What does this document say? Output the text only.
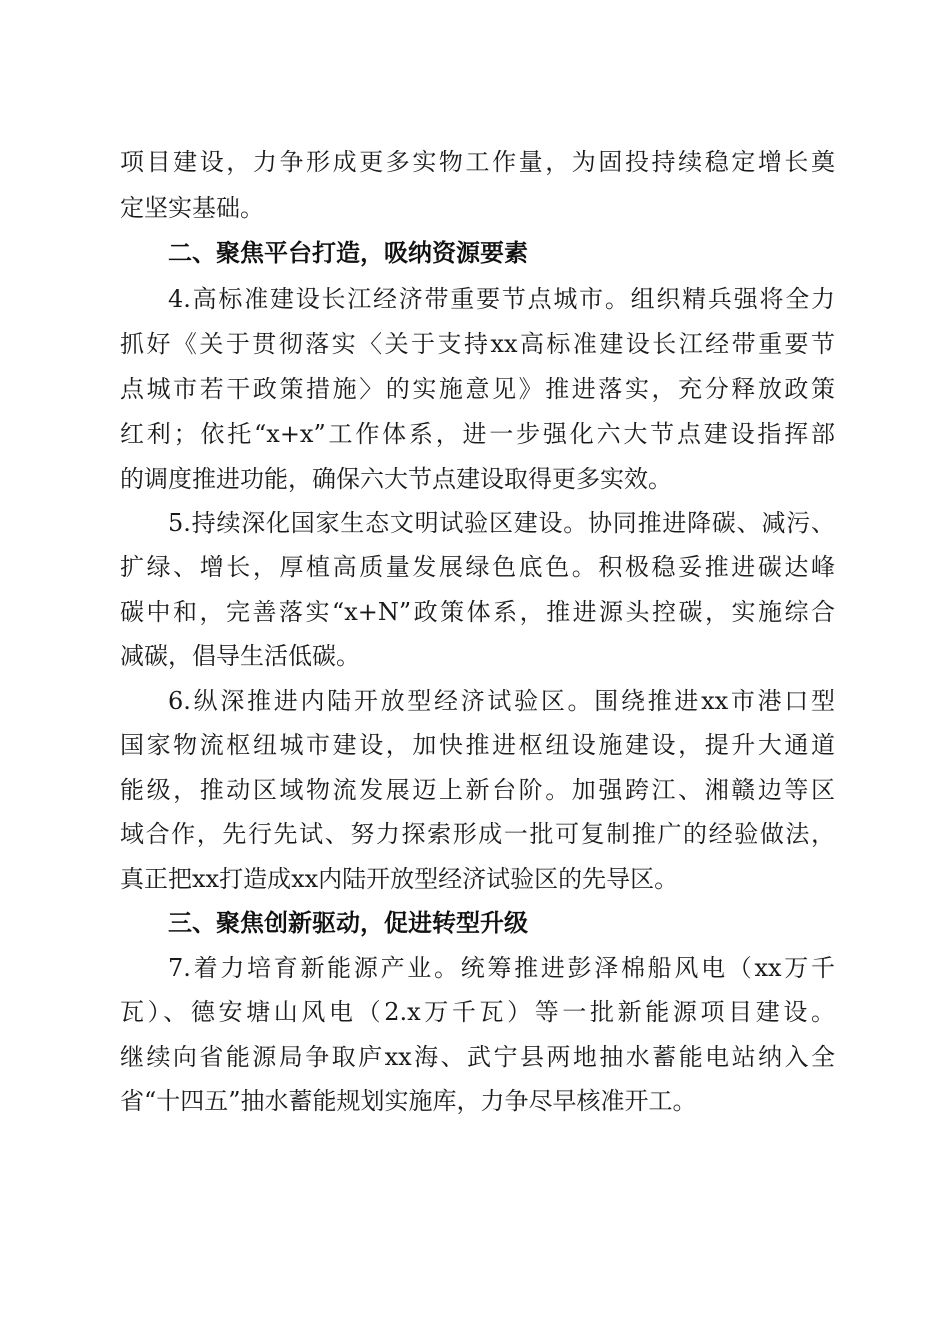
项目建设，力争形成更多实物工作量，为固投持续稳定增长奠

定坚实基础。

二、聚焦平台打造，吸纳资源要素

4.高标准建设长江经济带重要节点城市。组织精兵强将全力

抓好《关于贯彻落实〈关于支持xx高标准建设长江经带重要节

点城市若干政策措施〉的实施意见》推进落实，充分释放政策

红利；依托“x+x”工作体系，进一步强化六大节点建设指挥部

的调度推进功能，确保六大节点建设取得更多实效。

5.持续深化国家生态文明试验区建设。协同推进降碳、减污、

扩绿、增长，厚植高质量发展绿色底色。积极稳妥推进碳达峰

碳中和，完善落实“x+N”政策体系，推进源头控碳，实施综合

减碳，倡导生活低碳。

6.纵深推进内陆开放型经济试验区。围绕推进xx市港口型

国家物流枢纽城市建设，加快推进枢纽设施建设，提升大通道

能级，推动区域物流发展迈上新台阶。加强跨江、湘赣边等区

域合作，先行先试、努力探索形成一批可复制推广的经验做法，

真正把xx打造成xx内陆开放型经济试验区的先导区。

三、聚焦创新驱动，促进转型升级

7.着力培育新能源产业。统筹推进彭泽棉船风电（xx万千

瓦）、德安塘山风电（2.x万千瓦）等一批新能源项目建设。

继续向省能源局争取庐xx海、武宁县两地抽水蓄能电站纳入全

省“十四五”抽水蓄能规划实施库，力争尽早核准开工。
